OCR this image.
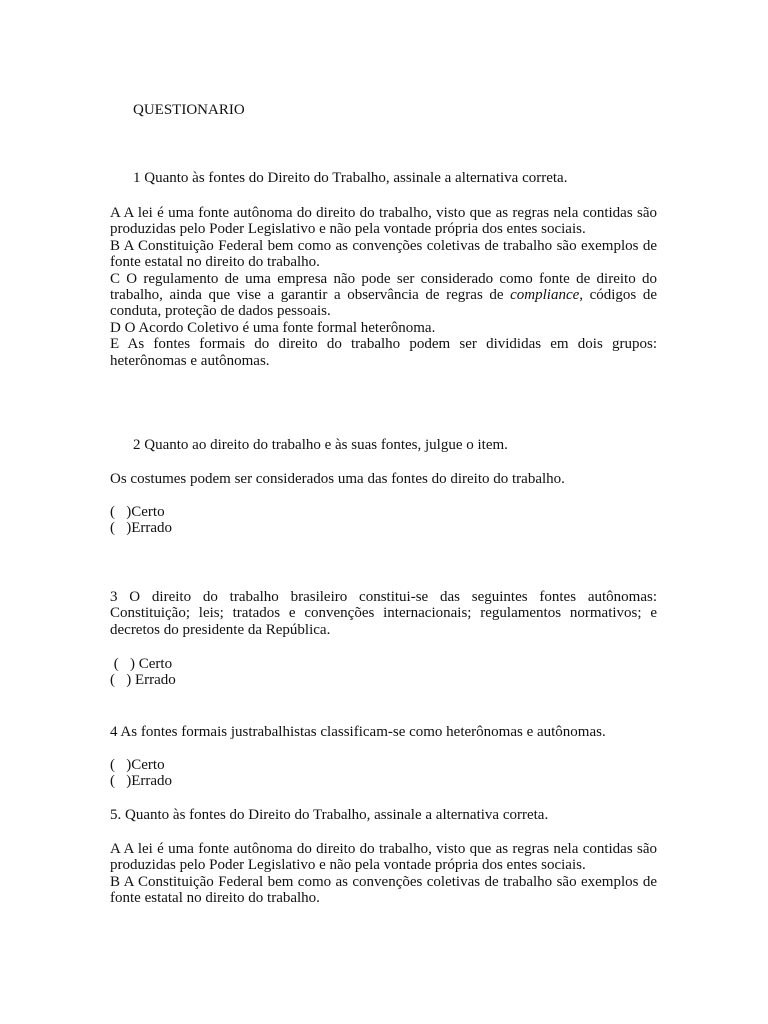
QUESTIONARIO

1 Quanto às fontes do Direito do Trabalho, assinale a alternativa correta.

A A lei é uma fonte autônoma do direito do trabalho, visto que as regras nela contidas são produzidas pelo Poder Legislativo e não pela vontade própria dos entes sociais.

B A Constituição Federal bem como as convenções coletivas de trabalho são exemplos de fonte estatal no direito do trabalho.

C O regulamento de uma empresa não pode ser considerado como fonte de direito do trabalho, ainda que vise a garantir a observância de regras de compliance, códigos de conduta, proteção de dados pessoais.

D O Acordo Coletivo é uma fonte formal heterônoma.

E As fontes formais do direito do trabalho podem ser divididas em dois grupos: heterônomas e autônomas.

2 Quanto ao direito do trabalho e às suas fontes, julgue o item.

Os costumes podem ser considerados uma das fontes do direito do trabalho.

(   )Certo
(   )Errado

3 O direito do trabalho brasileiro constitui-se das seguintes fontes autônomas: Constituição; leis; tratados e convenções internacionais; regulamentos normativos; e decretos do presidente da República.

(   ) Certo
(   ) Errado

4 As fontes formais justrabalhistas classificam-se como heterônomas e autônomas.

(   )Certo
(   )Errado

5. Quanto às fontes do Direito do Trabalho, assinale a alternativa correta.

A A lei é uma fonte autônoma do direito do trabalho, visto que as regras nela contidas são produzidas pelo Poder Legislativo e não pela vontade própria dos entes sociais.

B A Constituição Federal bem como as convenções coletivas de trabalho são exemplos de fonte estatal no direito do trabalho.
